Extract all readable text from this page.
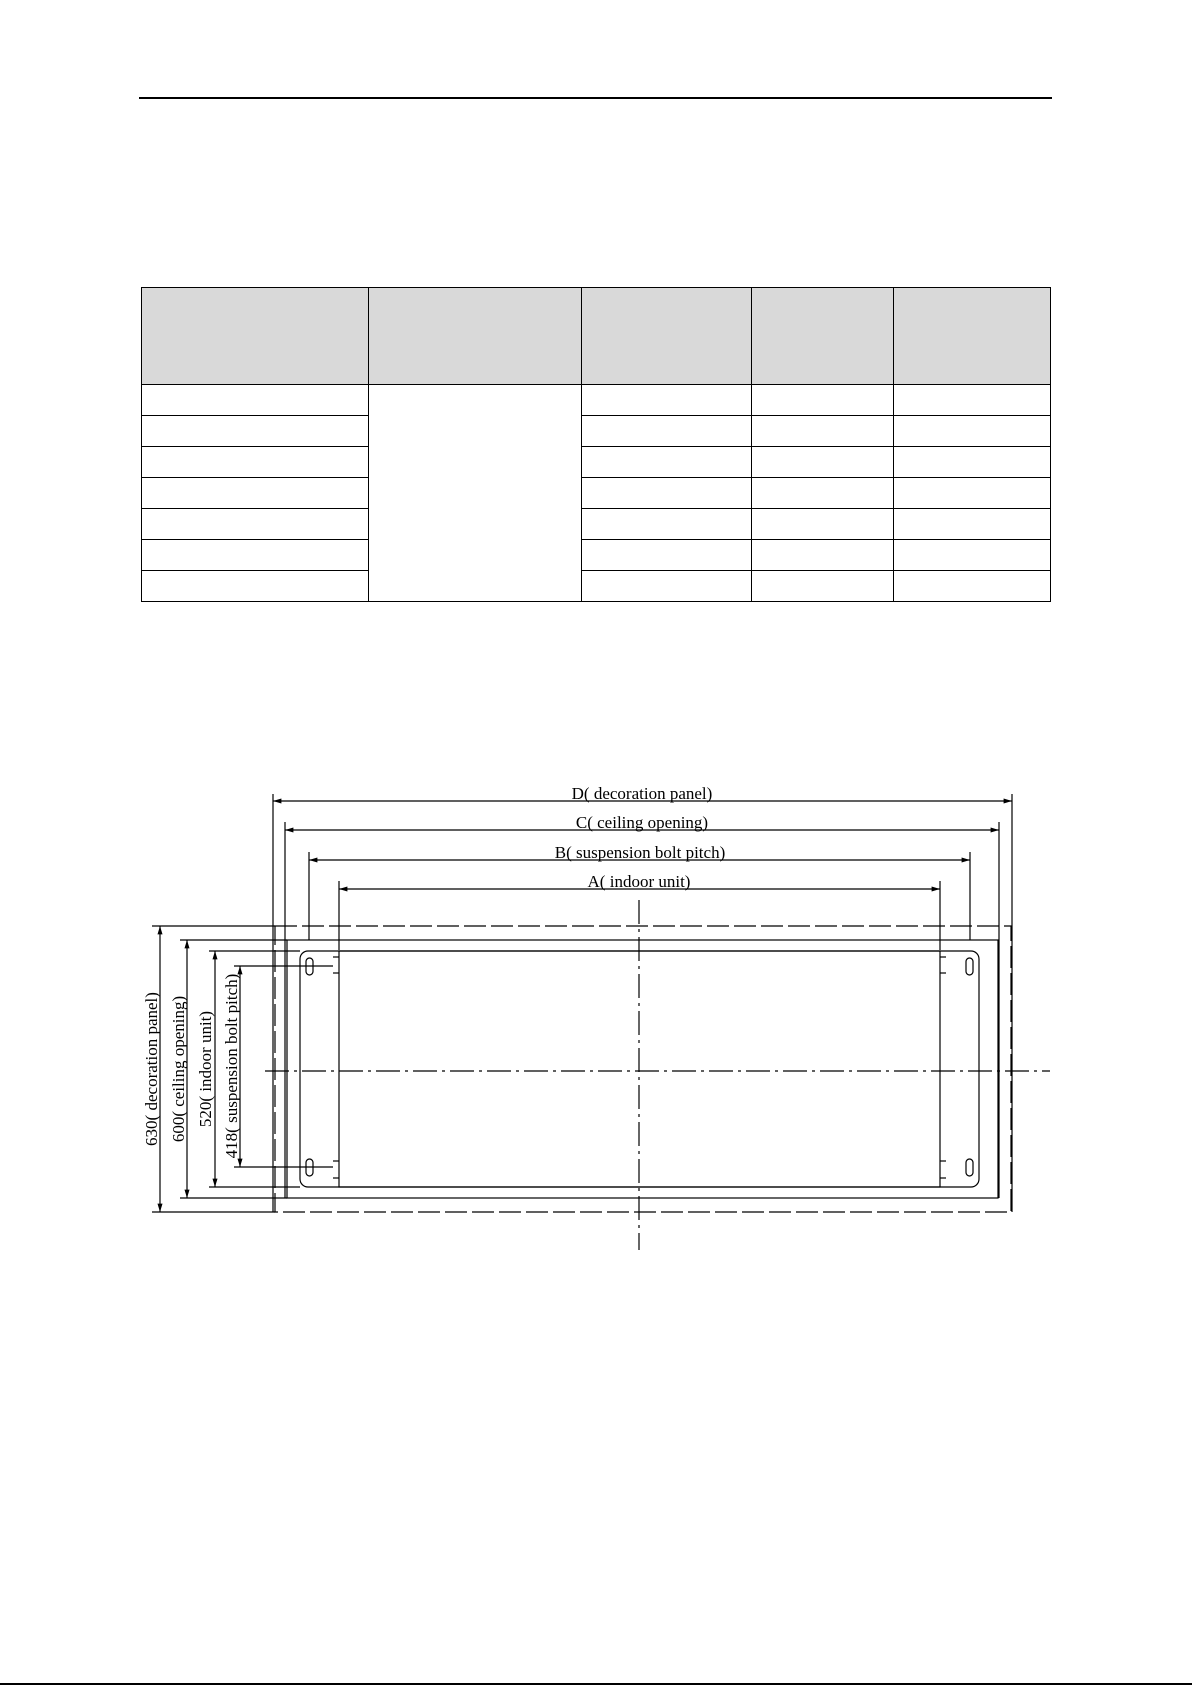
D( decoration panel)
C( ceiling opening)
B( suspension bolt pitch)
A( indoor unit)
630( decoration panel) 600( ceiling opening) 520( indoor unit) 418( suspension bolt pitch)
